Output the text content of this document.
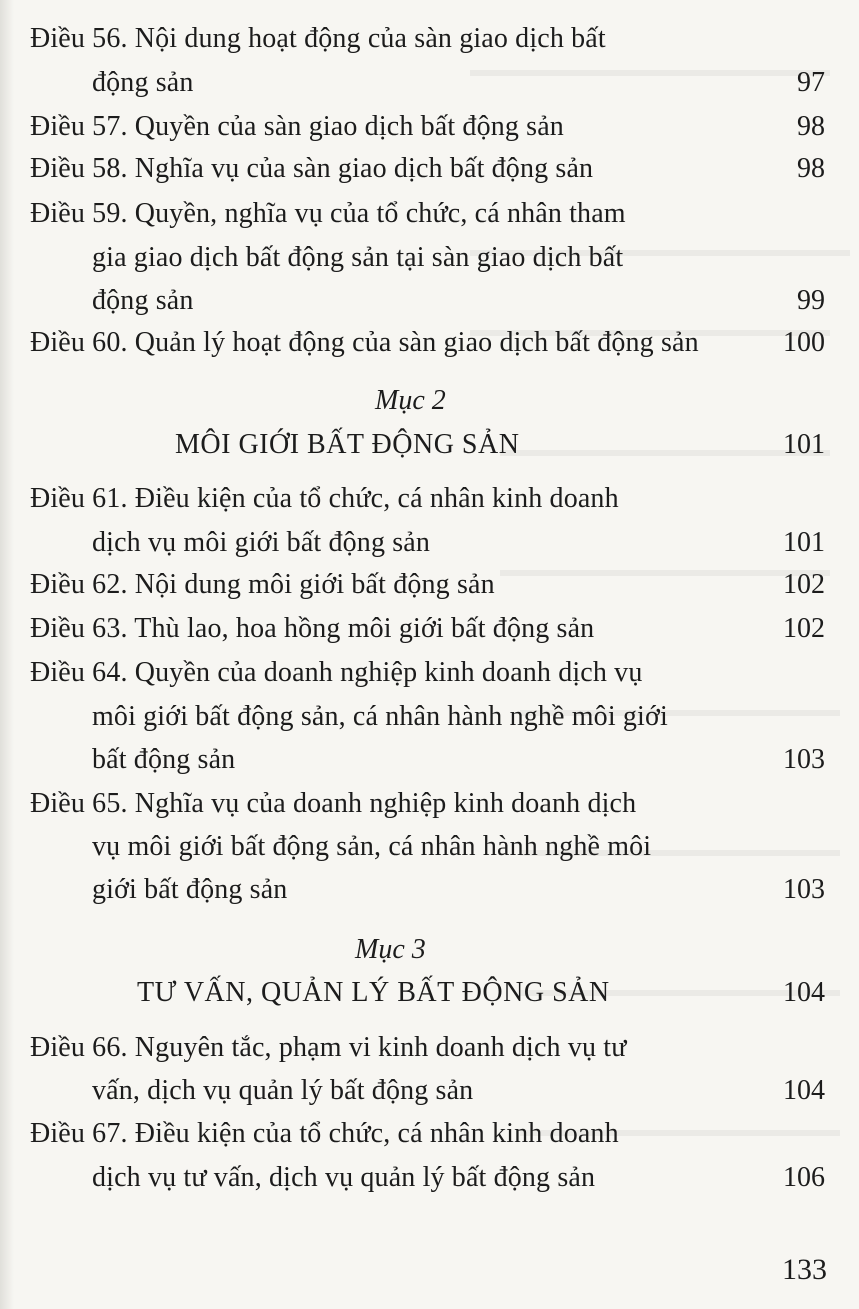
Điều 56. Nội dung hoạt động của sàn giao dịch bất
động sản	97
Điều 57. Quyền của sàn giao dịch bất động sản	98
Điều 58. Nghĩa vụ của sàn giao dịch bất động sản	98
Điều 59. Quyền, nghĩa vụ của tổ chức, cá nhân tham
gia giao dịch bất động sản tại sàn giao dịch bất
động sản	99
Điều 60. Quản lý hoạt động của sàn giao dịch bất động sản	100
Mục 2
MÔI GIỚI BẤT ĐỘNG SẢN	101
Điều 61. Điều kiện của tổ chức, cá nhân kinh doanh
dịch vụ môi giới bất động sản	101
Điều 62. Nội dung môi giới bất động sản	102
Điều 63. Thù lao, hoa hồng môi giới bất động sản	102
Điều 64. Quyền của doanh nghiệp kinh doanh dịch vụ
môi giới bất động sản, cá nhân hành nghề môi giới
bất động sản	103
Điều 65. Nghĩa vụ của doanh nghiệp kinh doanh dịch
vụ môi giới bất động sản, cá nhân hành nghề môi
giới bất động sản	103
Mục 3
TƯ VẤN, QUẢN LÝ BẤT ĐỘNG SẢN	104
Điều 66. Nguyên tắc, phạm vi kinh doanh dịch vụ tư
vấn, dịch vụ quản lý bất động sản	104
Điều 67. Điều kiện của tổ chức, cá nhân kinh doanh
dịch vụ tư vấn, dịch vụ quản lý bất động sản	106
133
